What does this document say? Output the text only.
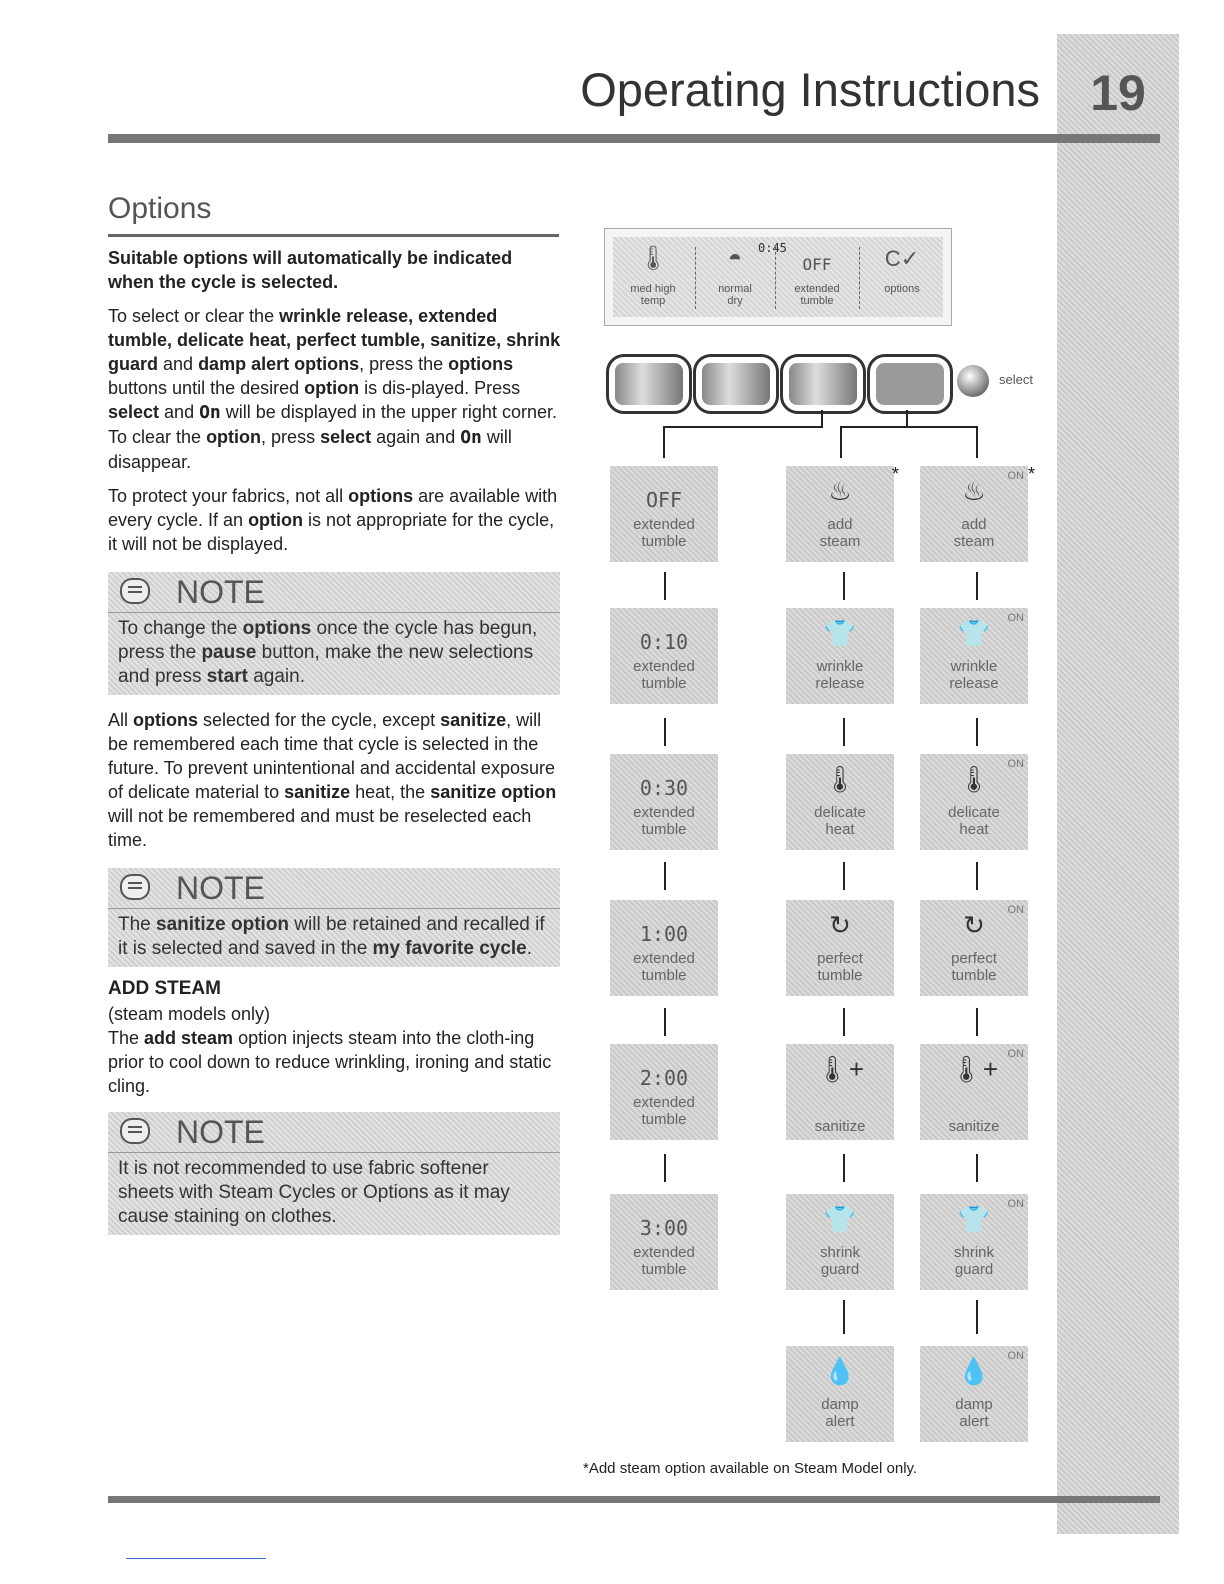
Operating Instructions	19
Options

Suitable options will automatically be indicated when the cycle is selected.

To select or clear the wrinkle release, extended tumble, delicate heat, perfect tumble, sanitize, shrink guard and damp alert options, press the options buttons until the desired option is dis-played. Press select and On will be displayed in the upper right corner. To clear the option, press select again and On will disappear.

To protect your fabrics, not all options are available with every cycle. If an option is not appropriate for the cycle, it will not be displayed.

NOTE
To change the options once the cycle has begun, press the pause button, make the new selections and press start again.

All options selected for the cycle, except sanitize, will be remembered each time that cycle is selected in the future. To prevent unintentional and accidental exposure of delicate material to sanitize heat, the sanitize option will not be remembered and must be reselected each time.

NOTE
The sanitize option will be retained and recalled if it is selected and saved in the my favorite cycle.
ADD STEAM
(steam models only)
The add steam option injects steam into the cloth-ing prior to cool down to reduce wrinkling, ironing and static cling.
NOTE
It is not recommended to use fabric softener sheets with Steam Cycles or Options as it may cause staining on clothes.
0:45
🌡
med high
temp
◓
normal
dry
OFF
extended
tumble
C✓
options
select
OFF
extended
tumble
0:10
extended
tumble
0:30
extended
tumble
1:00
extended
tumble
2:00
extended
tumble
3:00
extended
tumble
♨
add
steam
*
👕
wrinkle
release
🌡
delicate
heat
↻
perfect
tumble
🌡+
sanitize
👕
shrink
guard
💧
damp
alert
ON
♨
add
steam
*
ON
👕
wrinkle
release
ON
🌡
delicate
heat
ON
↻
perfect
tumble
ON
🌡+
sanitize
ON
👕
shrink
guard
ON
💧
damp
alert
*Add steam option available on Steam Model only.
